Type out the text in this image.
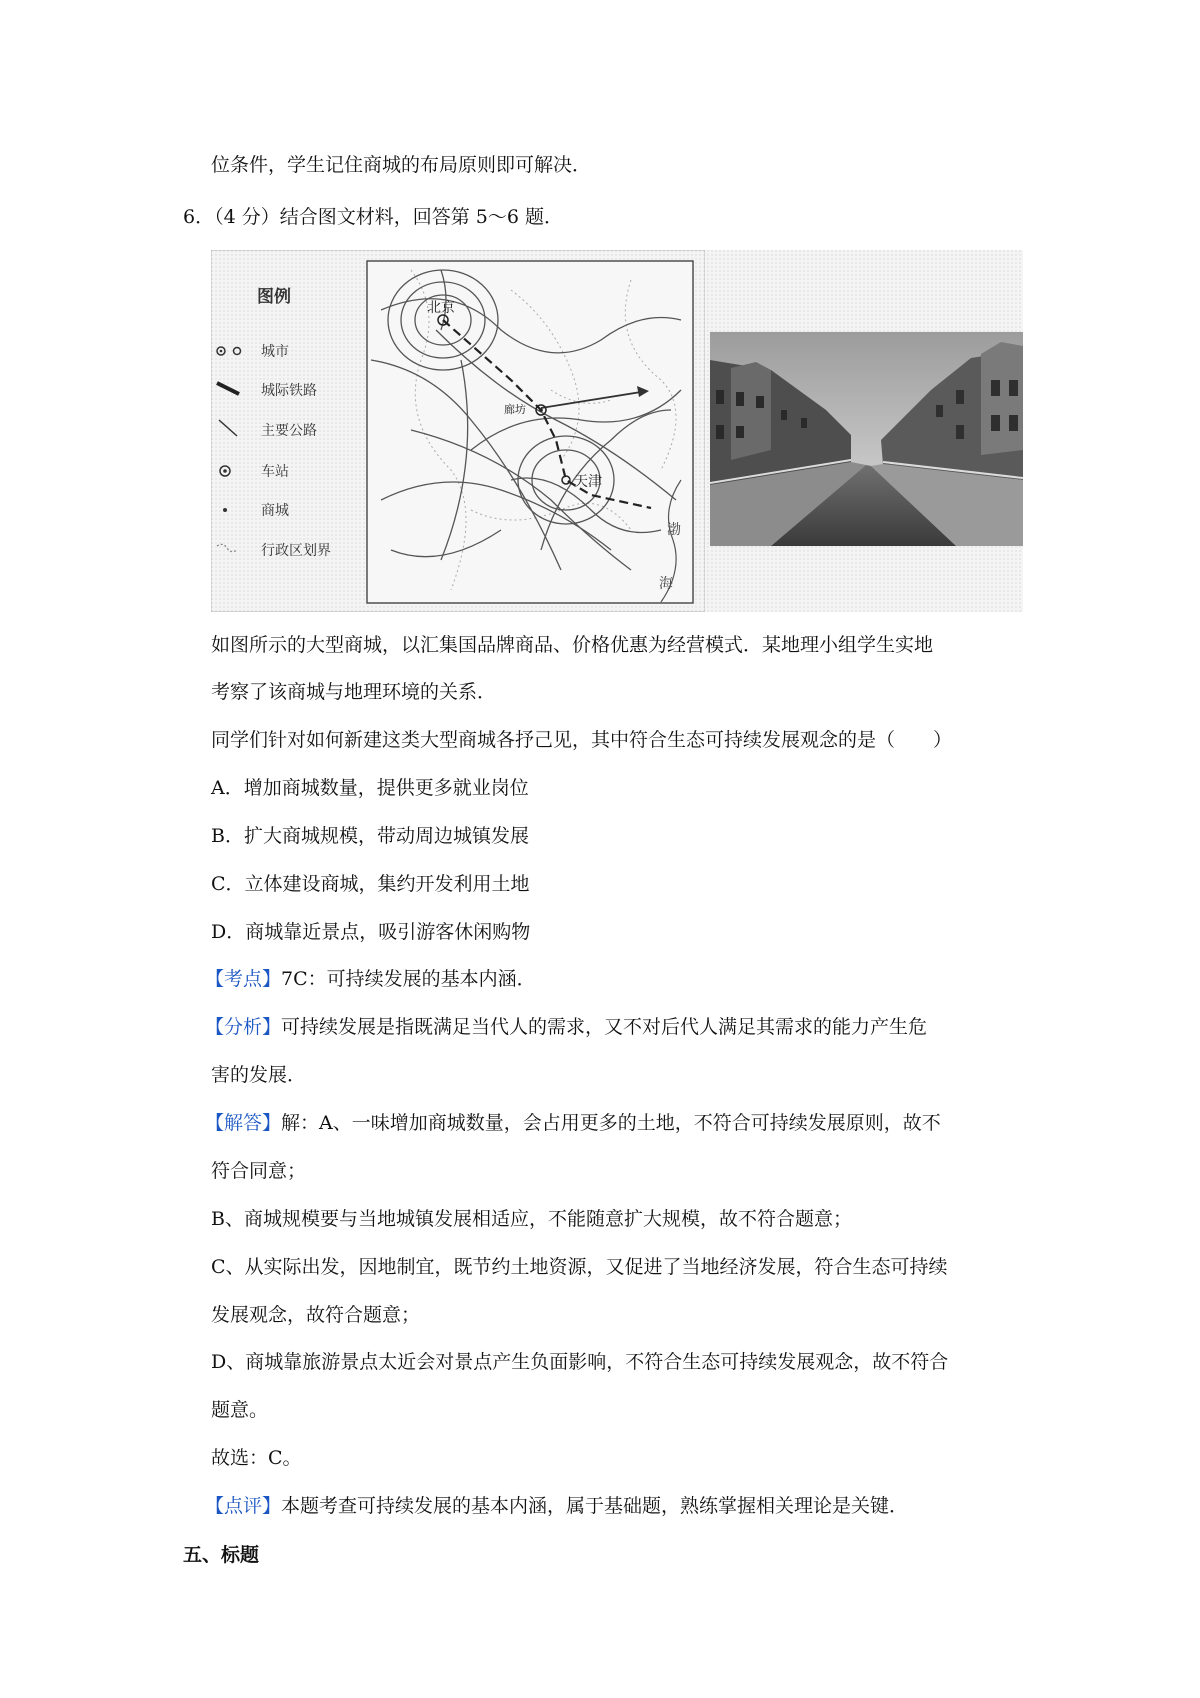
位条件，学生记住商城的布局原则即可解决．
6．（4 分）结合图文材料，回答第 5～6 题．
图例
城市
城际铁路
主要公路
车站
商城
行政区划界
北京
廊坊
天津
渤
海
如图所示的大型商城，以汇集国品牌商品、价格优惠为经营模式．某地理小组学生实地
考察了该商城与地理环境的关系．
同学们针对如何新建这类大型商城各抒己见，其中符合生态可持续发展观念的是（　　）
A．增加商城数量，提供更多就业岗位
B．扩大商城规模，带动周边城镇发展
C．立体建设商城，集约开发利用土地
D．商城靠近景点，吸引游客休闲购物
【考点】7C：可持续发展的基本内涵．
【分析】可持续发展是指既满足当代人的需求，又不对后代人满足其需求的能力产生危
害的发展．
【解答】解：A、一味增加商城数量，会占用更多的土地，不符合可持续发展原则，故不
符合同意；
B、商城规模要与当地城镇发展相适应，不能随意扩大规模，故不符合题意；
C、从实际出发，因地制宜，既节约土地资源，又促进了当地经济发展，符合生态可持续
发展观念，故符合题意；
D、商城靠旅游景点太近会对景点产生负面影响，不符合生态可持续发展观念，故不符合
题意。
故选：C。
【点评】本题考查可持续发展的基本内涵，属于基础题，熟练掌握相关理论是关键．
五、标题
